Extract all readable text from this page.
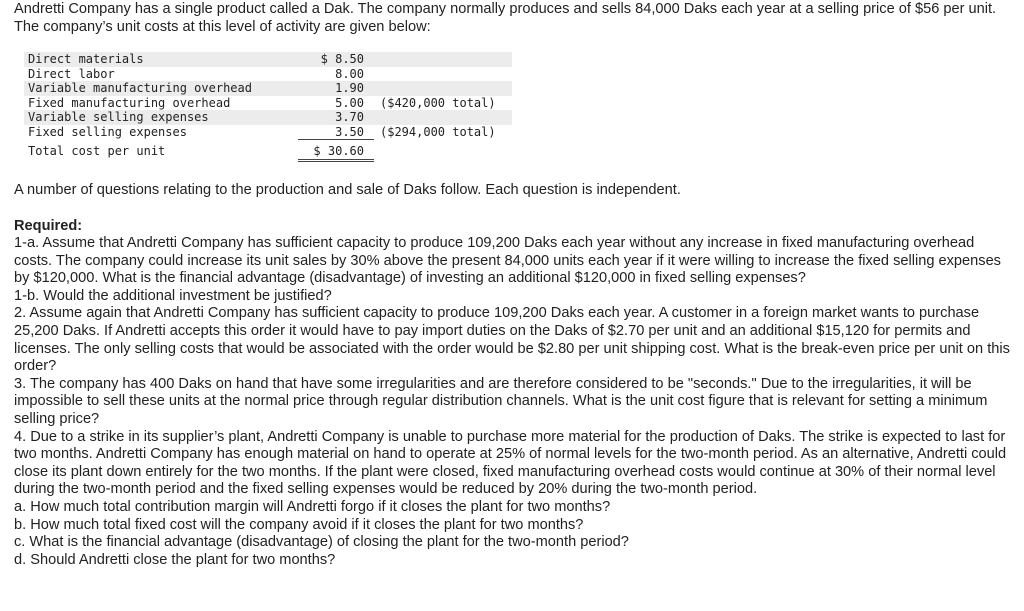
Andretti Company has a single product called a Dak. The company normally produces and sells 84,000 Daks each year at a selling price of $56 per unit. The company’s unit costs at this level of activity are given below:

Direct materials	$ 8.50
Direct labor	8.00
Variable manufacturing overhead	1.90
Fixed manufacturing overhead	5.00 ($420,000 total)
Variable selling expenses	3.70
Fixed selling expenses	3.50 ($294,000 total)
Total cost per unit	$ 30.60

A number of questions relating to the production and sale of Daks follow. Each question is independent.

Required:

1-a. Assume that Andretti Company has sufficient capacity to produce 109,200 Daks each year without any increase in fixed manufacturing overhead costs. The company could increase its unit sales by 30% above the present 84,000 units each year if it were willing to increase the fixed selling expenses by $120,000. What is the financial advantage (disadvantage) of investing an additional $120,000 in fixed selling expenses?
1-b. Would the additional investment be justified?
2. Assume again that Andretti Company has sufficient capacity to produce 109,200 Daks each year. A customer in a foreign market wants to purchase 25,200 Daks. If Andretti accepts this order it would have to pay import duties on the Daks of $2.70 per unit and an additional $15,120 for permits and licenses. The only selling costs that would be associated with the order would be $2.80 per unit shipping cost. What is the break-even price per unit on this order?
3. The company has 400 Daks on hand that have some irregularities and are therefore considered to be "seconds." Due to the irregularities, it will be impossible to sell these units at the normal price through regular distribution channels. What is the unit cost figure that is relevant for setting a minimum selling price?
4. Due to a strike in its supplier’s plant, Andretti Company is unable to purchase more material for the production of Daks. The strike is expected to last for two months. Andretti Company has enough material on hand to operate at 25% of normal levels for the two-month period. As an alternative, Andretti could close its plant down entirely for the two months. If the plant were closed, fixed manufacturing overhead costs would continue at 30% of their normal level during the two-month period and the fixed selling expenses would be reduced by 20% during the two-month period.
a. How much total contribution margin will Andretti forgo if it closes the plant for two months?
b. How much total fixed cost will the company avoid if it closes the plant for two months?
c. What is the financial advantage (disadvantage) of closing the plant for the two-month period?
d. Should Andretti close the plant for two months?
